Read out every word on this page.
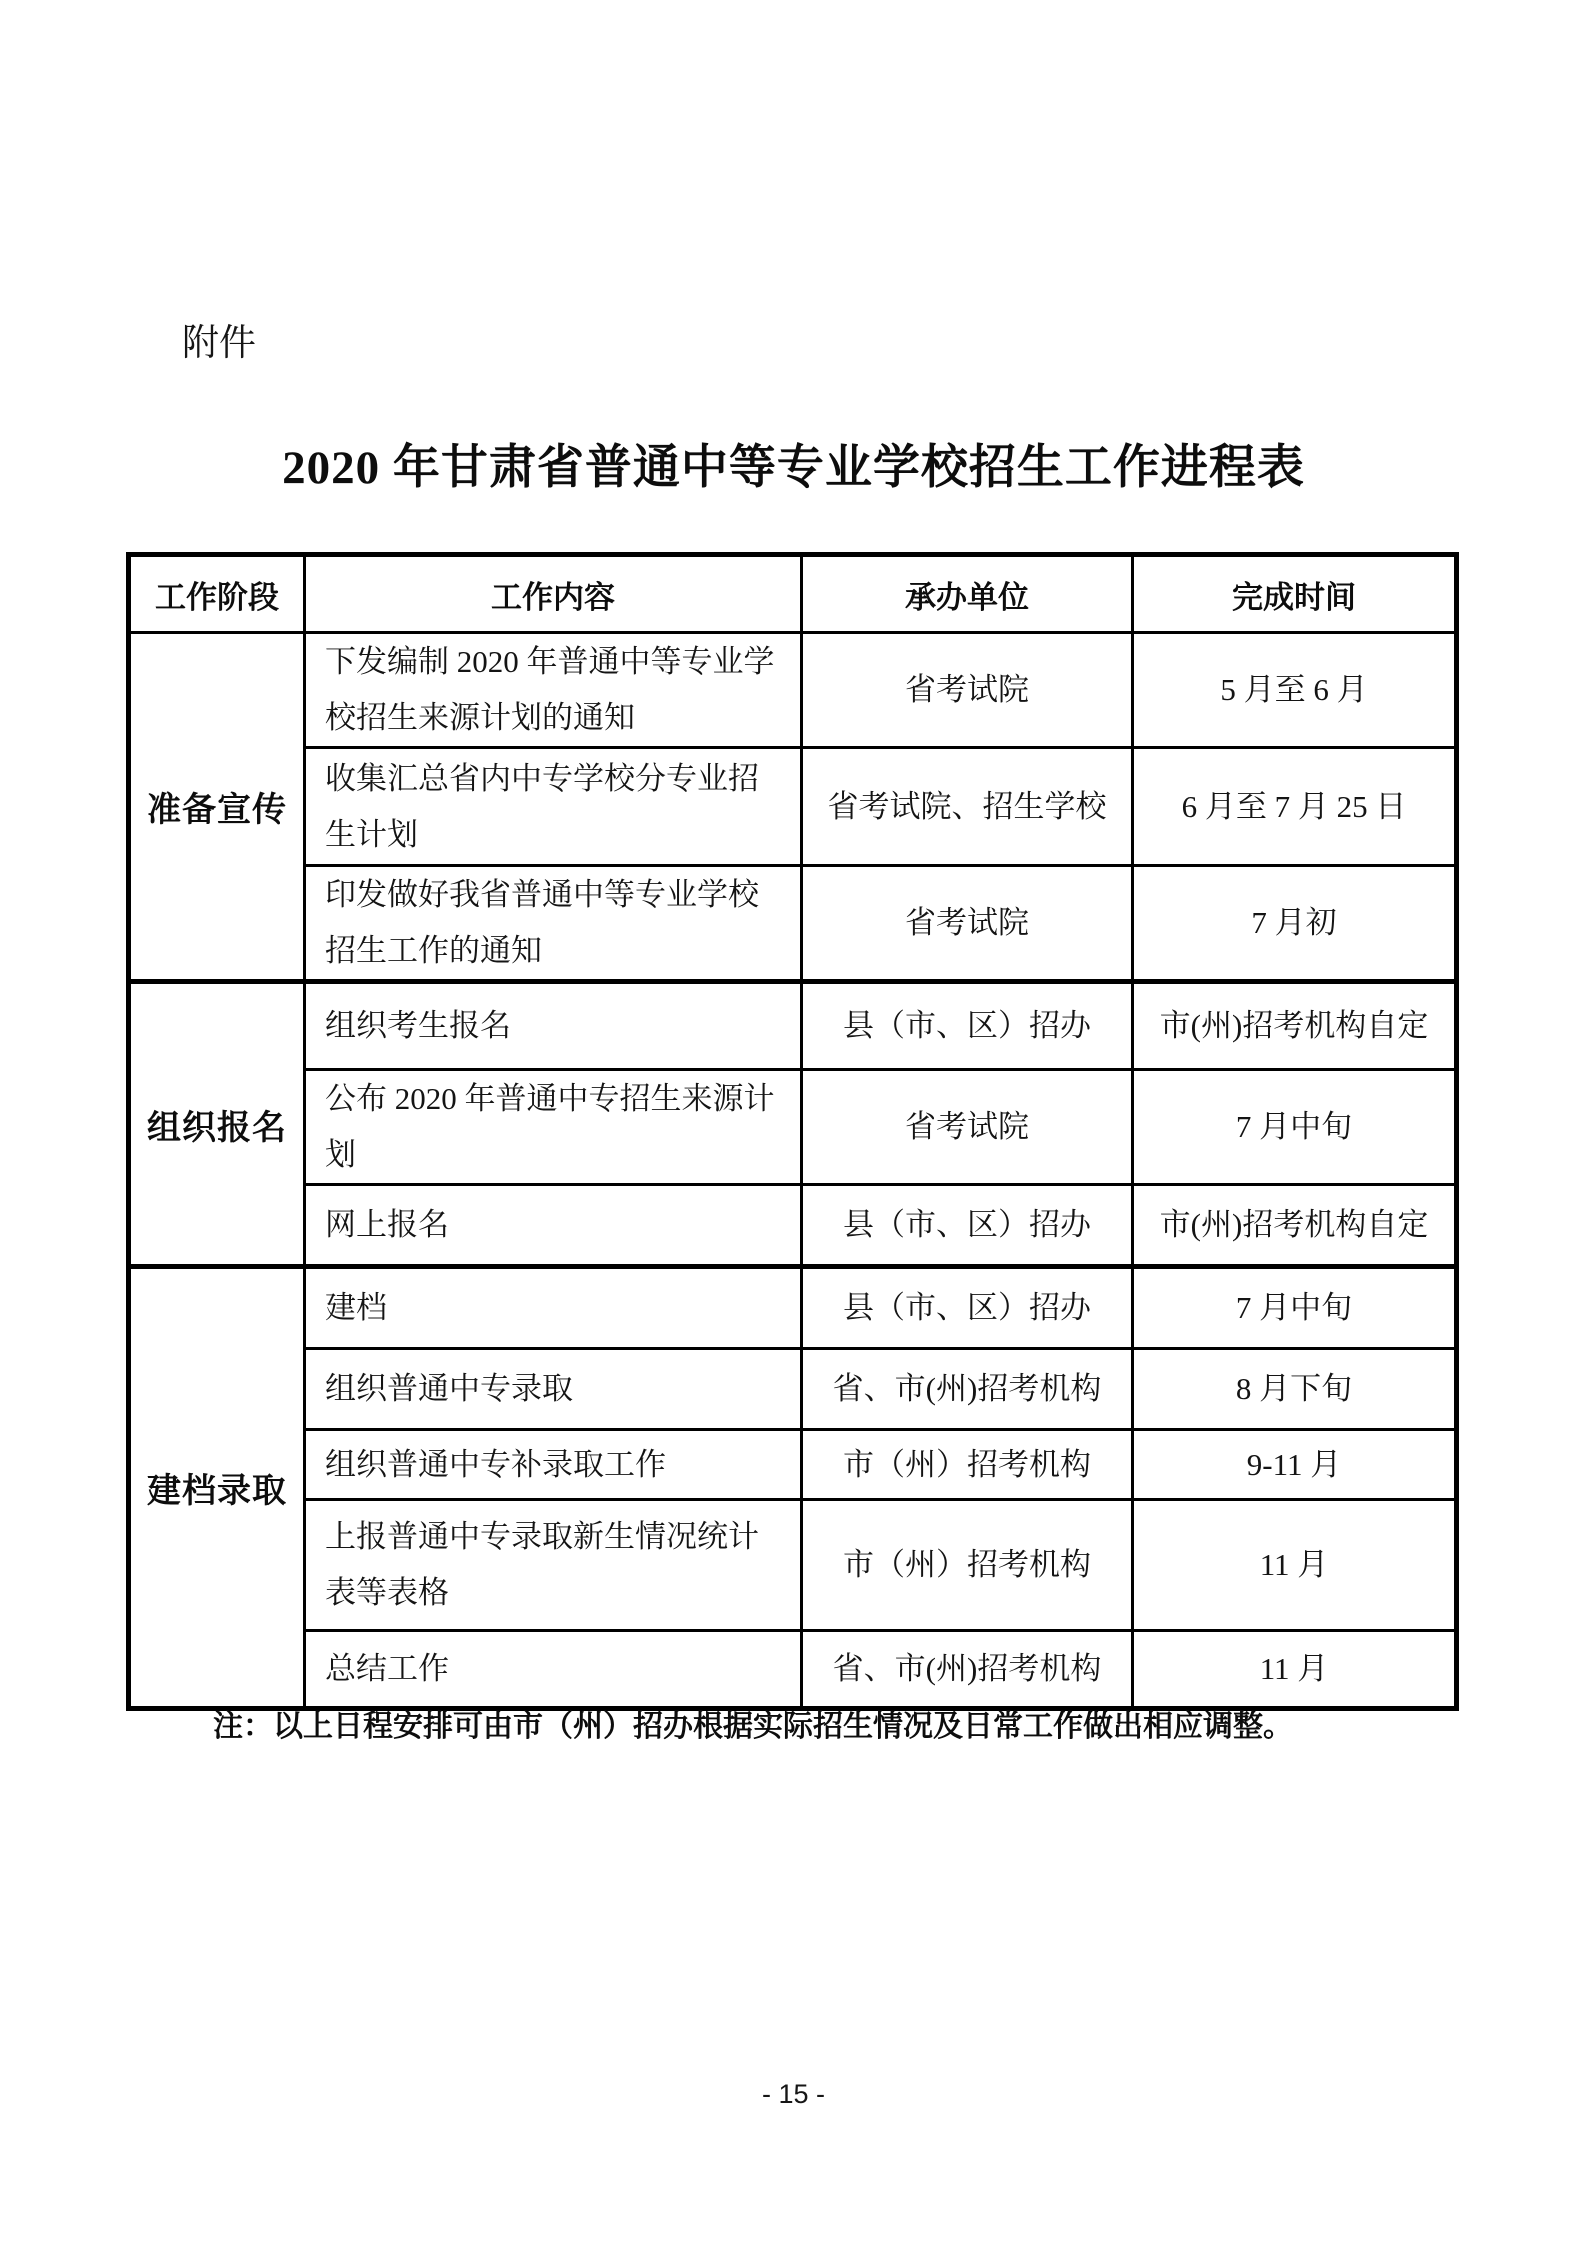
附件
2020 年甘肃省普通中等专业学校招生工作进程表
工作阶段	工作内容	承办单位	完成时间
准备宣传	下发编制 2020 年普通中等专业学校招生来源计划的通知	省考试院	5 月至 6 月
	收集汇总省内中专学校分专业招生计划	省考试院、招生学校	6 月至 7 月 25 日
	印发做好我省普通中等专业学校招生工作的通知	省考试院	7 月初
组织报名	组织考生报名	县（市、区）招办	市(州)招考机构自定
	公布 2020 年普通中专招生来源计划	省考试院	7 月中旬
	网上报名	县（市、区）招办	市(州)招考机构自定
建档录取	建档	县（市、区）招办	7 月中旬
	组织普通中专录取	省、市(州)招考机构	8 月下旬
	组织普通中专补录取工作	市（州）招考机构	9-11 月
	上报普通中专录取新生情况统计表等表格	市（州）招考机构	11 月
	总结工作	省、市(州)招考机构	11 月
注：以上日程安排可由市（州）招办根据实际招生情况及日常工作做出相应调整。
- 15 -
